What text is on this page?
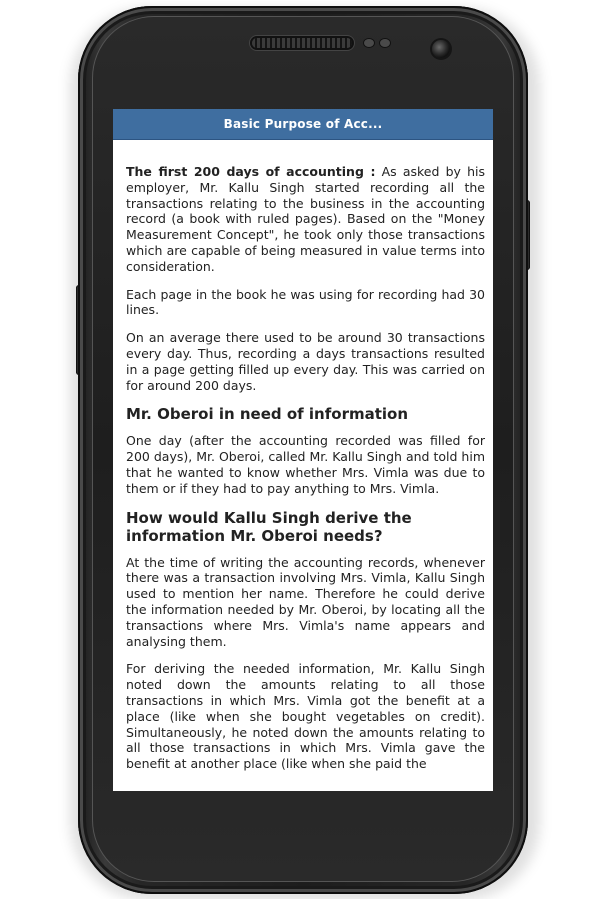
Basic Purpose of Acc...

The first 200 days of accounting : As asked by his employer, Mr. Kallu Singh started recording all the transactions relating to the business in the accounting record (a book with ruled pages). Based on the "Money Measurement Concept", he took only those transactions which are capable of being measured in value terms into consideration.

Each page in the book he was using for recording had 30 lines.

On an average there used to be around 30 transactions every day. Thus, recording a days transactions resulted in a page getting filled up every day. This was carried on for around 200 days.

Mr. Oberoi in need of information

One day (after the accounting recorded was filled for 200 days), Mr. Oberoi, called Mr. Kallu Singh and told him that he wanted to know whether Mrs. Vimla was due to them or if they had to pay anything to Mrs. Vimla.

How would Kallu Singh derive the information Mr. Oberoi needs?

At the time of writing the accounting records, whenever there was a transaction involving Mrs. Vimla, Kallu Singh used to mention her name. Therefore he could derive the information needed by Mr. Oberoi, by locating all the transactions where Mrs. Vimla's name appears and analysing them.

For deriving the needed information, Mr. Kallu Singh noted down the amounts relating to all those transactions in which Mrs. Vimla got the benefit at a place (like when she bought vegetables on credit). Simultaneously, he noted down the amounts relating to all those transactions in which Mrs. Vimla gave the benefit at another place (like when she paid the
